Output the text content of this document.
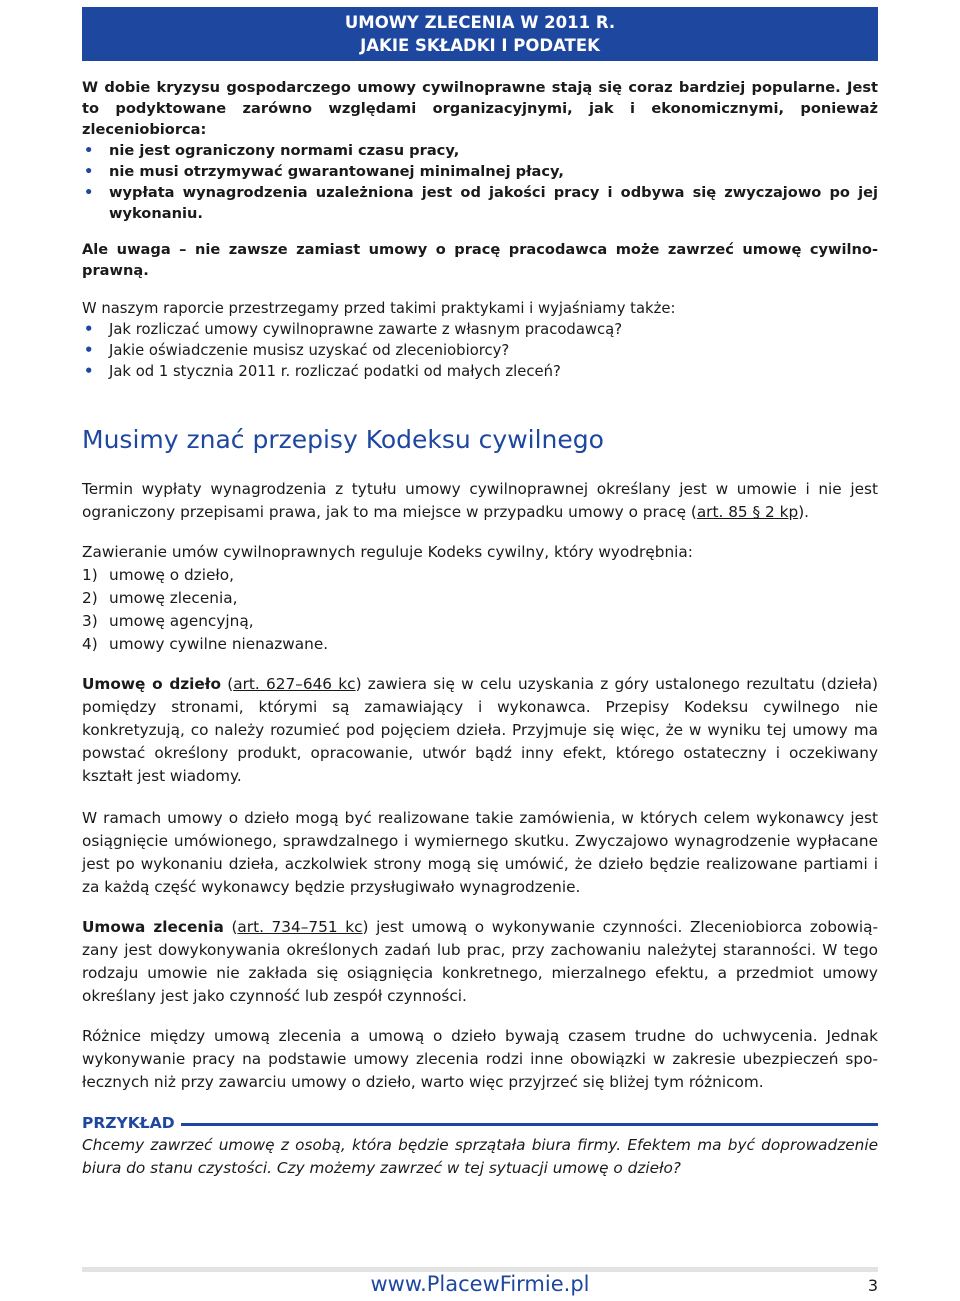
UMOWY ZLECENIA W 2011 R.
JAKIE SKŁADKI I PODATEK

W dobie kryzysu gospodarczego umowy cywilnoprawne stają się coraz bardziej popularne. Jest to podyktowane zarówno względami organizacyjnymi, jak i ekonomicznymi, ponieważ zleceniobiorca:

• nie jest ograniczony normami czasu pracy,
• nie musi otrzymywać gwarantowanej minimalnej płacy,
• wypłata wynagrodzenia uzależniona jest od jakości pracy i odbywa się zwyczajowo po jej wykonaniu.

Ale uwaga – nie zawsze zamiast umowy o pracę pracodawca może zawrzeć umowę cywilnoprawną.

W naszym raporcie przestrzegamy przed takimi praktykami i wyjaśniamy także:

• Jak rozliczać umowy cywilnoprawne zawarte z własnym pracodawcą?
• Jakie oświadczenie musisz uzyskać od zleceniobiorcy?
• Jak od 1 stycznia 2011 r. rozliczać podatki od małych zleceń?
Musimy znać przepisy Kodeksu cywilnego

Termin wypłaty wynagrodzenia z tytułu umowy cywilnoprawnej określany jest w umowie i nie jest ograniczony przepisami prawa, jak to ma miejsce w przypadku umowy o pracę (art. 85 § 2 kp).

Zawieranie umów cywilnoprawnych reguluje Kodeks cywilny, który wyodrębnia:

1) umowę o dzieło,
2) umowę zlecenia,
3) umowę agencyjną,
4) umowy cywilne nienazwane.

Umowę o dzieło (art. 627–646 kc) zawiera się w celu uzyskania z góry ustalonego rezultatu (dzieła) pomiędzy stronami, którymi są zamawiający i wykonawca. Przepisy Kodeksu cywilnego nie konkretyzują, co należy rozumieć pod pojęciem dzieła. Przyjmuje się więc, że w wyniku tej umowy ma powstać określony produkt, opracowanie, utwór bądź inny efekt, którego ostateczny i oczekiwany kształt jest wiadomy.

W ramach umowy o dzieło mogą być realizowane takie zamówienia, w których celem wykonawcy jest osiągnięcie umówionego, sprawdzalnego i wymiernego skutku. Zwyczajowo wynagrodzenie wypłacane jest po wykonaniu dzieła, aczkolwiek strony mogą się umówić, że dzieło będzie realizowane partiami i za każdą część wykonawcy będzie przysługiwało wynagrodzenie.

Umowa zlecenia (art. 734–751 kc) jest umową o wykonywanie czynności. Zleceniobiorca zobowiązany jest dowykonywania określonych zadań lub prac, przy zachowaniu należytej staranności. W tego rodzaju umowie nie zakłada się osiągnięcia konkretnego, mierzalnego efektu, a przedmiot umowy określany jest jako czynność lub zespół czynności.

Różnice między umową zlecenia a umową o dzieło bywają czasem trudne do uchwycenia. Jednak wykonywanie pracy na podstawie umowy zlecenia rodzi inne obowiązki w zakresie ubezpieczeń społecznych niż przy zawarciu umowy o dzieło, warto więc przyjrzeć się bliżej tym różnicom.

PRZYKŁAD

Chcemy zawrzeć umowę z osobą, która będzie sprzątała biura firmy. Efektem ma być doprowadzenie biura do stanu czystości. Czy możemy zawrzeć w tej sytuacji umowę o dzieło?

www.PlacewFirmie.pl	3
